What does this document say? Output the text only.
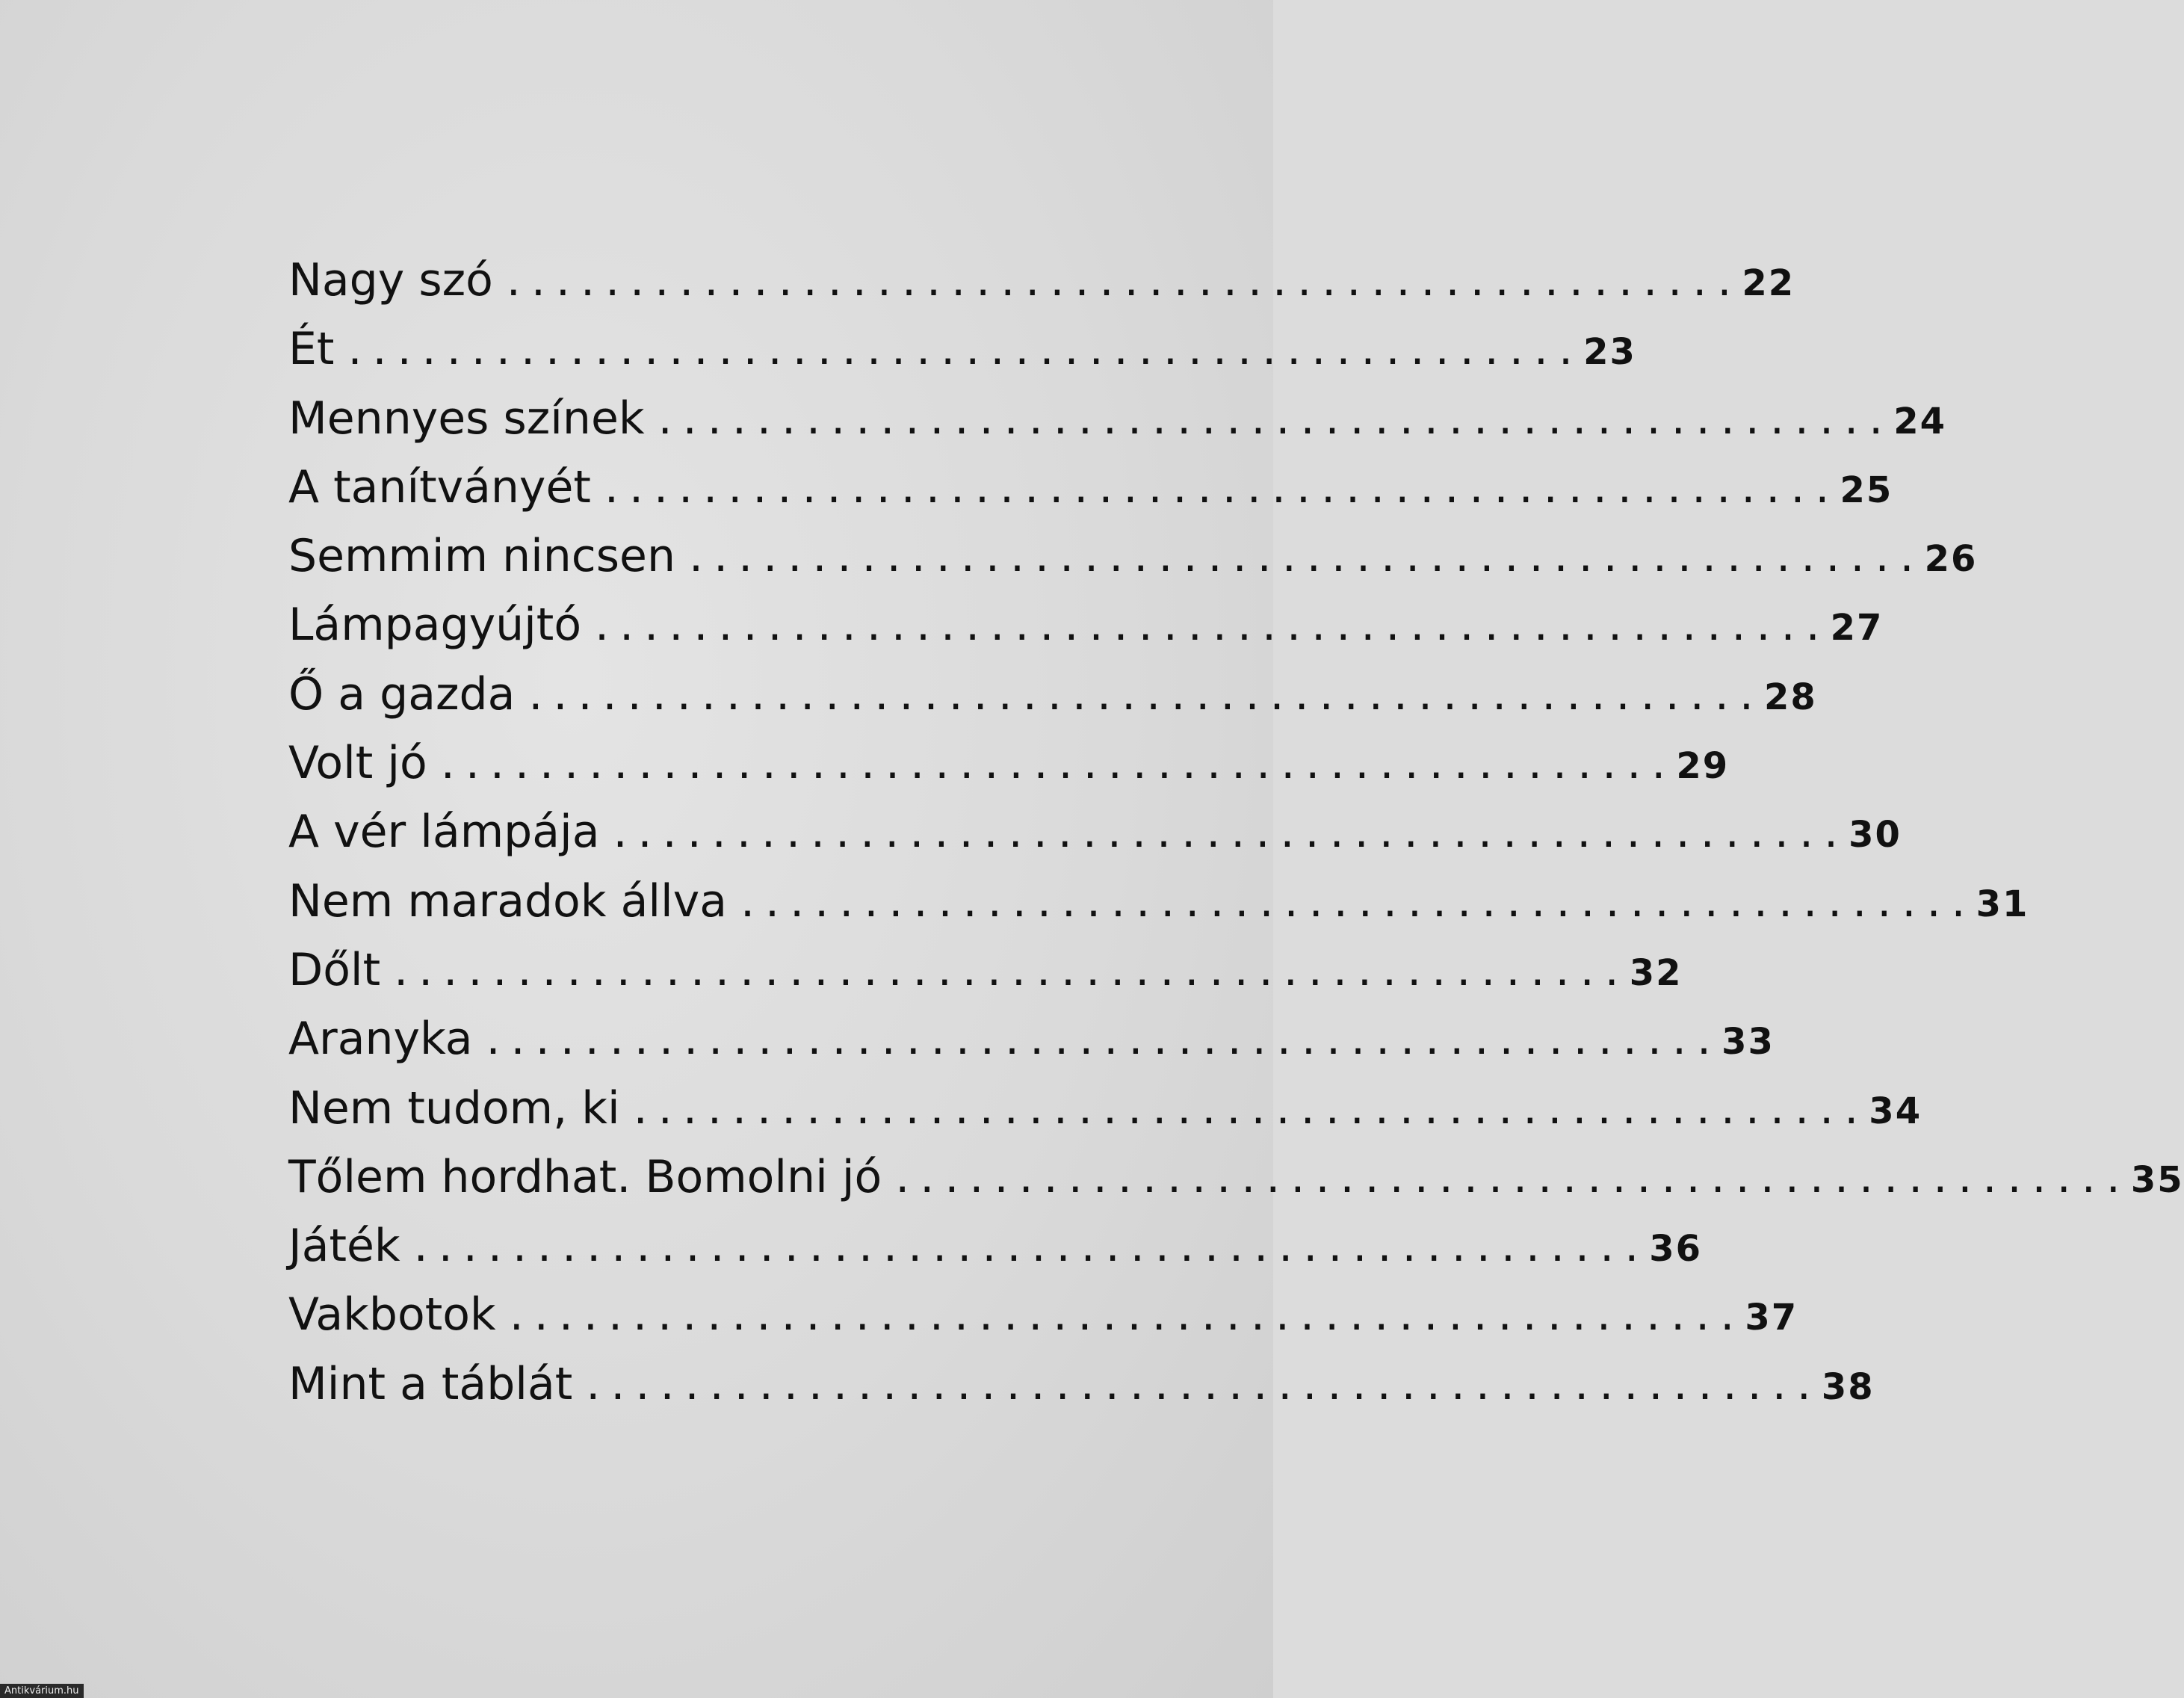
Nagy szó .................................................. 22
Ét .................................................. 23
Mennyes színek .................................................. 24
A tanítványét .................................................. 25
Semmim nincsen .................................................. 26
Lámpagyújtó .................................................. 27
Ő a gazda .................................................. 28
Volt jó .................................................. 29
A vér lámpája .................................................. 30
Nem maradok állva .................................................. 31
Dőlt .................................................. 32
Aranyka .................................................. 33
Nem tudom, ki .................................................. 34
Tőlem hordhat. Bomolni jó .................................................. 35
Játék .................................................. 36
Vakbotok .................................................. 37
Mint a táblát .................................................. 38
Antikvárium.hu
